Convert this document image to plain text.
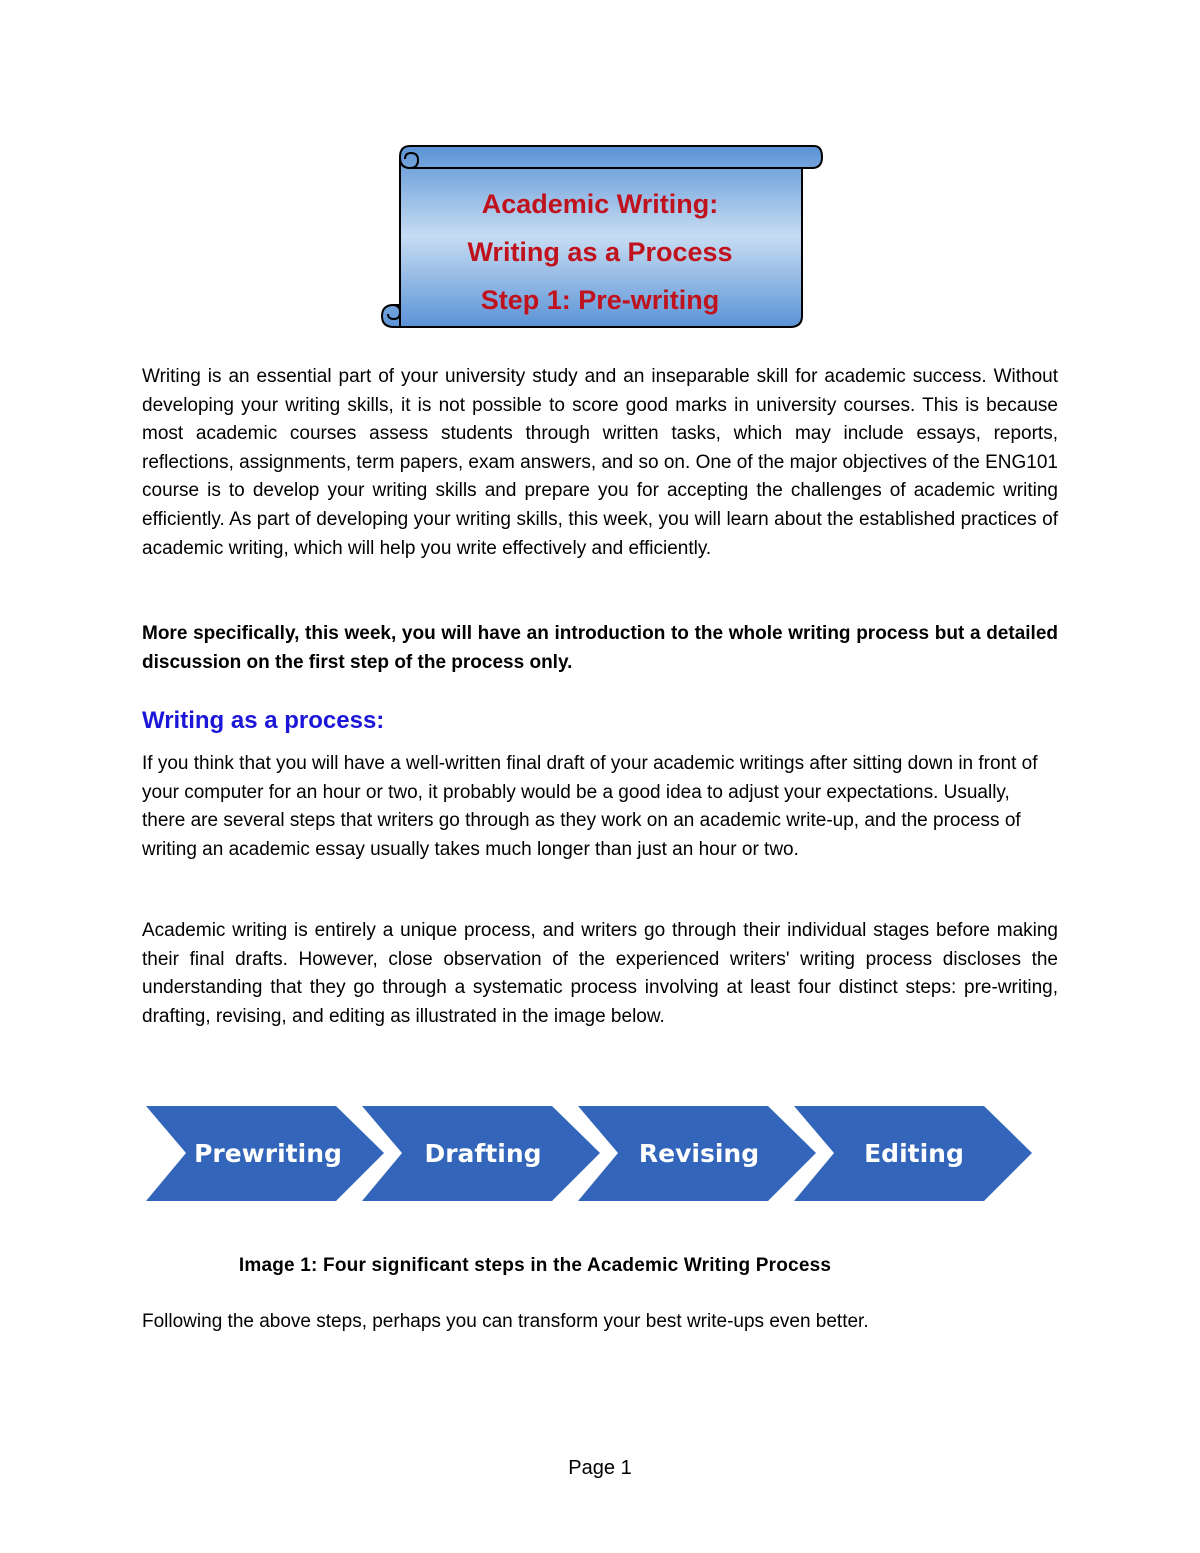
Academic Writing:
Writing as a Process
Step 1: Pre-writing
Writing is an essential part of your university study and an inseparable skill for academic success. Without developing your writing skills, it is not possible to score good marks in university courses. This is because most academic courses assess students through written tasks, which may include essays, reports, reflections, assignments, term papers, exam answers, and so on. One of the major objectives of the ENG101 course is to develop your writing skills and prepare you for accepting the challenges of academic writing efficiently. As part of developing your writing skills, this week, you will learn about the established practices of academic writing, which will help you write effectively and efficiently.
More specifically, this week, you will have an introduction to the whole writing process but a detailed discussion on the first step of the process only.
Writing as a process:
If you think that you will have a well-written final draft of your academic writings after sitting down in front of your computer for an hour or two, it probably would be a good idea to adjust your expectations. Usually, there are several steps that writers go through as they work on an academic write-up, and the process of writing an academic essay usually takes much longer than just an hour or two.
Academic writing is entirely a unique process, and writers go through their individual stages before making their final drafts. However, close observation of the experienced writers' writing process discloses the understanding that they go through a systematic process involving at least four distinct steps: pre-writing, drafting, revising, and editing as illustrated in the image below.
Prewriting	Drafting	Revising	Editing
Image 1: Four significant steps in the Academic Writing Process
Following the above steps, perhaps you can transform your best write-ups even better.
Page 1
